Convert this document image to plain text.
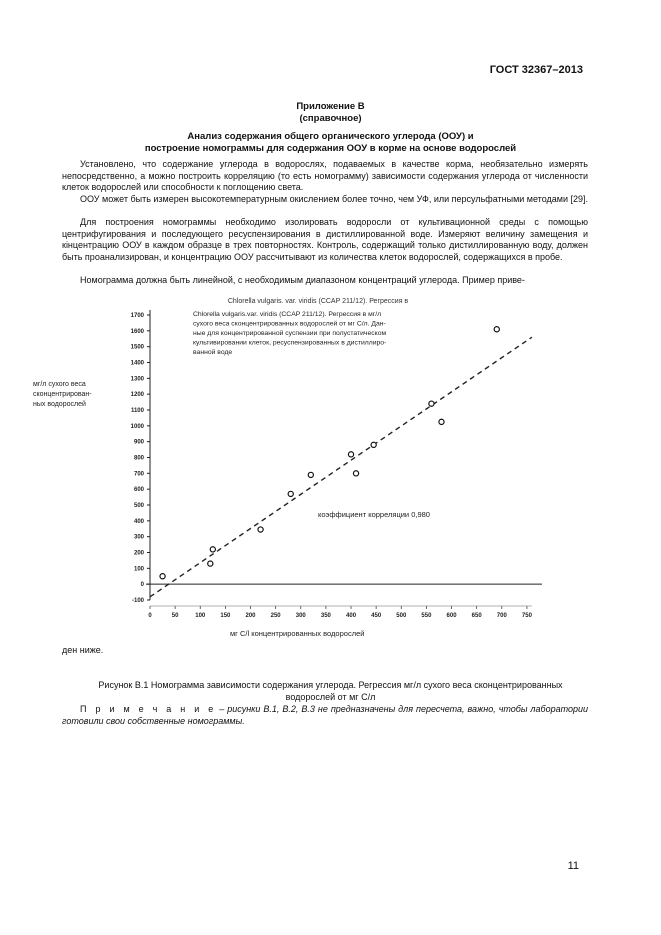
ГОСТ 32367–2013
Приложение В
(справочное)
Анализ содержания общего органического углерода (ООУ) и
построение номограммы для содержания ООУ в корме на основе водорослей

Установлено, что содержание углерода в водорослях, подаваемых в качестве корма, необязательно измерять непосредственно, а можно построить корреляцию (то есть номограмму) зависимости содержания углерода от численности клеток водорослей или способности к поглощению света.

ООУ может быть измерен высокотемпературным окислением более точно, чем УФ, или персульфатными методами [29].

Для построения номограммы необходимо изолировать водоросли от культивационной среды с помощью центрифугирования и последующего ресуспензирования в дистиллированной воде. Измеряют величину замещения и кінцентрацию ООУ в каждом образце в трех повторностях. Контроль, содержащий только дистиллированную воду, должен быть проанализирован, и концентрацию ООУ рассчитывают из количества клеток водорослей, содержащихся в пробе.

Номограмма должна быть линейной, с необходимым диапазоном концентраций углерода. Пример приве-

-100
0
100
200
300
400
500
600
700
800
900
1000
1100
1200
1300
1400
1500
1600
1700
0	50	100	150	200	250	300	350	400	450	500	550	600	650	700	750
Chlorella vulgaris. var. viridis (CCAP 211/12). Регрессия в
Chlorella vulgaris.var. viridis (CCAP 211/12). Регрессия в мг/л
сухого веса сконцентрированных водорослей от мг С/л. Дан-
ные для концентрированной суспензии при полустатическом
культивировании клеток, ресуспензированных в дистиллиро-
ванной воде
мг/л сухого веса
сконцентрирован-
ных водорослей
коэффициент корреляции 0,980
мг С/l концентрированных водорослей
ден ниже.
Рисунок В.1 Номограмма зависимости содержания углерода. Регрессия мг/л сухого веса сконцентрированных
водорослей от мг С/л
П р и м е ч а н и е – рисунки В.1, В.2, В.3 не предназначены для пересчета, важно, чтобы лаборатории готовили свои собственные номограммы.
11
